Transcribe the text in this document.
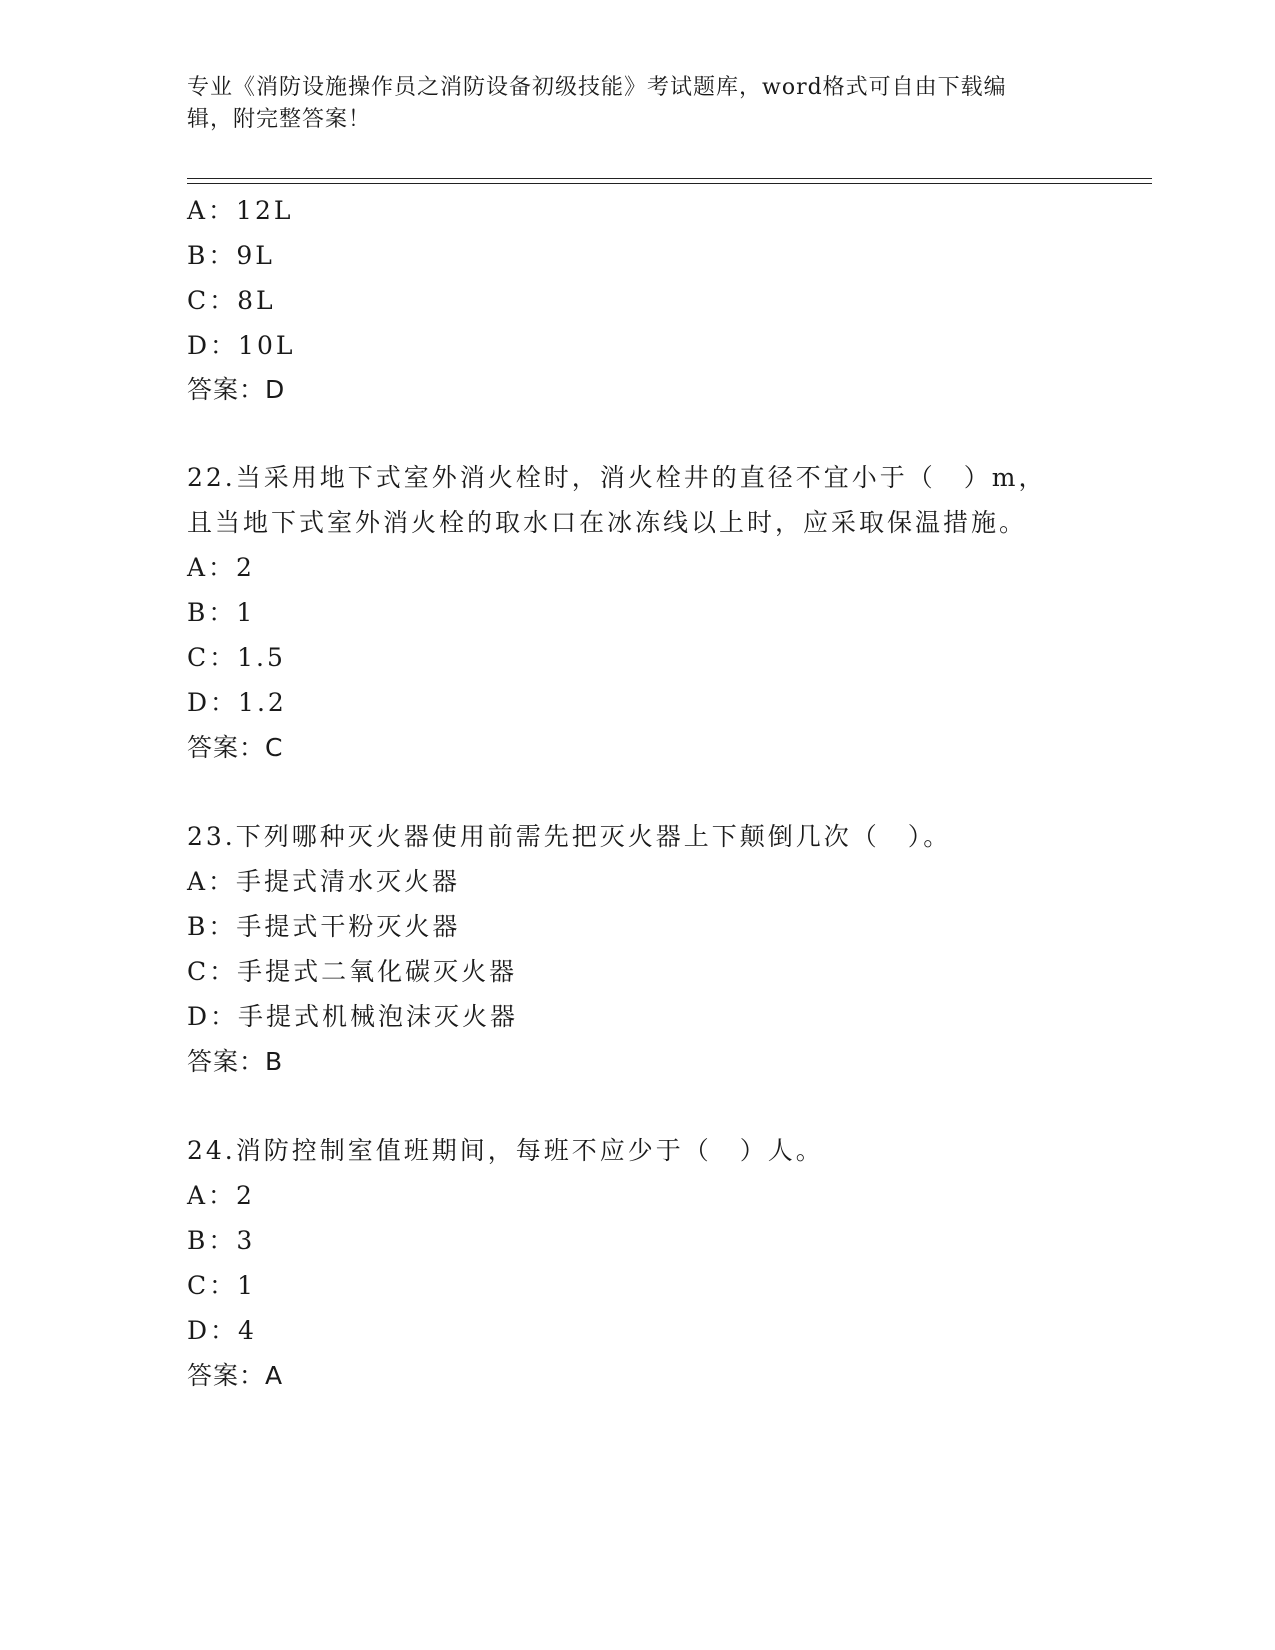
专业《消防设施操作员之消防设备初级技能》考试题库，word格式可自由下载编
辑，附完整答案！
A：12L
B：9L
C：8L
D：10L
答案：D
22.当采用地下式室外消火栓时，消火栓井的直径不宜小于（　）m，
且当地下式室外消火栓的取水口在冰冻线以上时，应采取保温措施。
A：2
B：1
C：1.5
D：1.2
答案：C
23.下列哪种灭火器使用前需先把灭火器上下颠倒几次（　）。
A：手提式清水灭火器
B：手提式干粉灭火器
C：手提式二氧化碳灭火器
D：手提式机械泡沫灭火器
答案：B
24.消防控制室值班期间，每班不应少于（　）人。
A：2
B：3
C：1
D：4
答案：A
